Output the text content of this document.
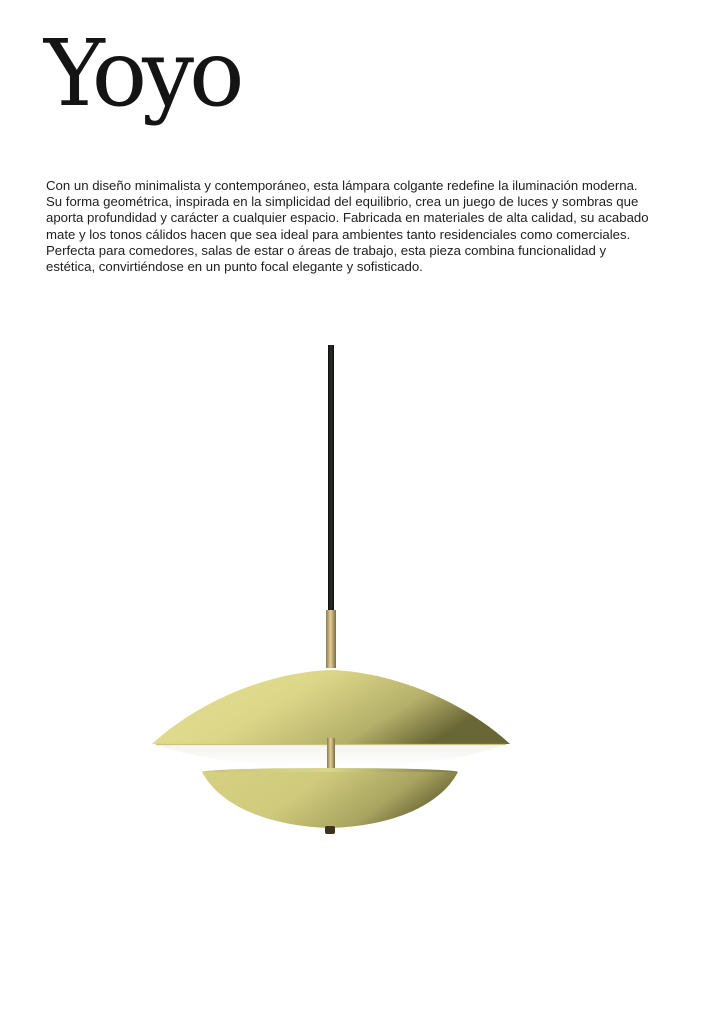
Yoyo

Con un diseño minimalista y contemporáneo, esta lámpara colgante redefine la iluminación moderna.
Su forma geométrica, inspirada en la simplicidad del equilibrio, crea un juego de luces y sombras que
aporta profundidad y carácter a cualquier espacio. Fabricada en materiales de alta calidad, su acabado
mate y los tonos cálidos hacen que sea ideal para ambientes tanto residenciales como comerciales.
Perfecta para comedores, salas de estar o áreas de trabajo, esta pieza combina funcionalidad y
estética, convirtiéndose en un punto focal elegante y sofisticado.
